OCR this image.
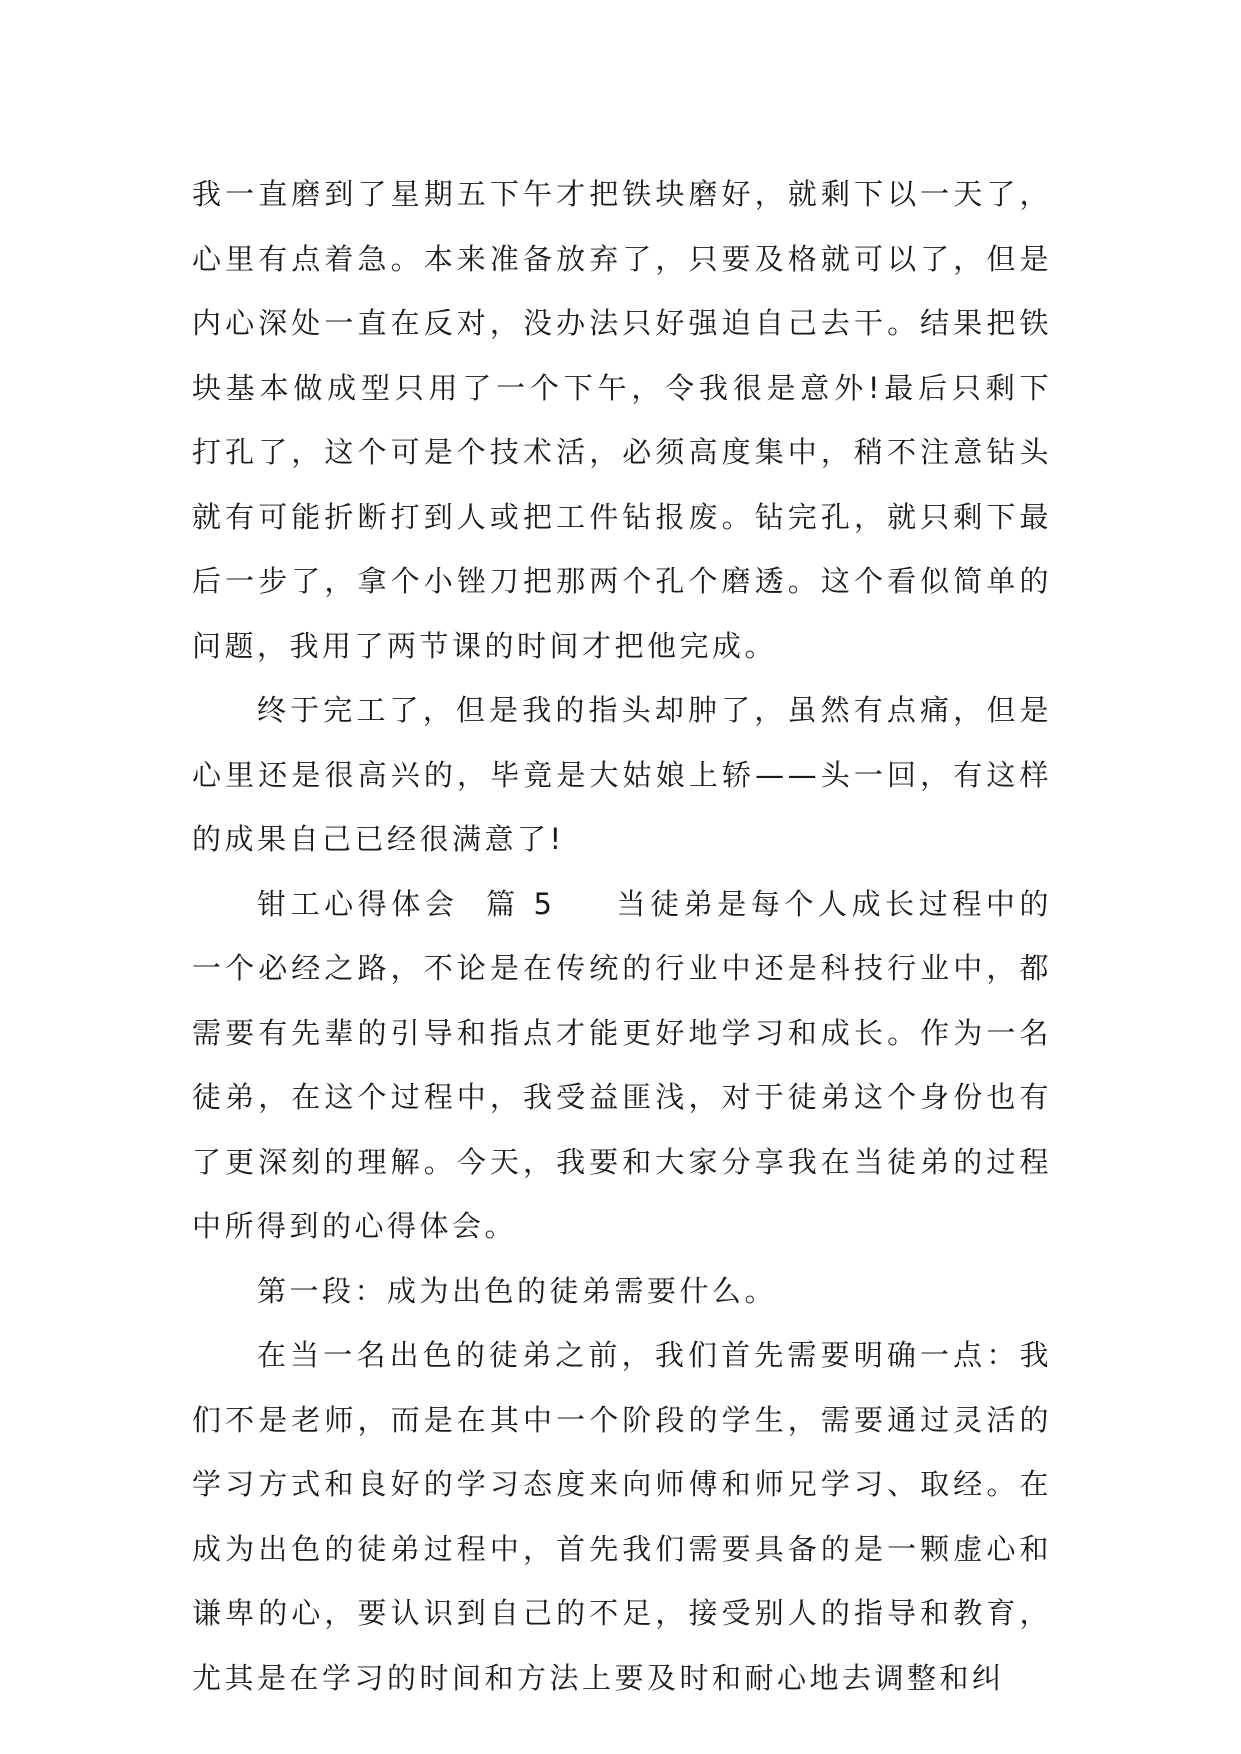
我一直磨到了星期五下午才把铁块磨好，就剩下以一天了，心里有点着急。本来准备放弃了，只要及格就可以了，但是内心深处一直在反对，没办法只好强迫自己去干。结果把铁块基本做成型只用了一个下午，令我很是意外!最后只剩下打孔了，这个可是个技术活，必须高度集中，稍不注意钻头就有可能折断打到人或把工件钻报废。钻完孔，就只剩下最后一步了，拿个小锉刀把那两个孔个磨透。这个看似简单的问题，我用了两节课的时间才把他完成。

终于完工了，但是我的指头却肿了，虽然有点痛，但是心里还是很高兴的，毕竟是大姑娘上轿——头一回，有这样的成果自己已经很满意了!

钳工心得体会 篇 5 当徒弟是每个人成长过程中的一个必经之路，不论是在传统的行业中还是科技行业中，都需要有先辈的引导和指点才能更好地学习和成长。作为一名徒弟，在这个过程中，我受益匪浅，对于徒弟这个身份也有了更深刻的理解。今天，我要和大家分享我在当徒弟的过程中所得到的心得体会。

第一段：成为出色的徒弟需要什么。

在当一名出色的徒弟之前，我们首先需要明确一点：我们不是老师，而是在其中一个阶段的学生，需要通过灵活的学习方式和良好的学习态度来向师傅和师兄学习、取经。在成为出色的徒弟过程中，首先我们需要具备的是一颗虚心和谦卑的心，要认识到自己的不足，接受别人的指导和教育，尤其是在学习的时间和方法上要及时和耐心地去调整和纠
